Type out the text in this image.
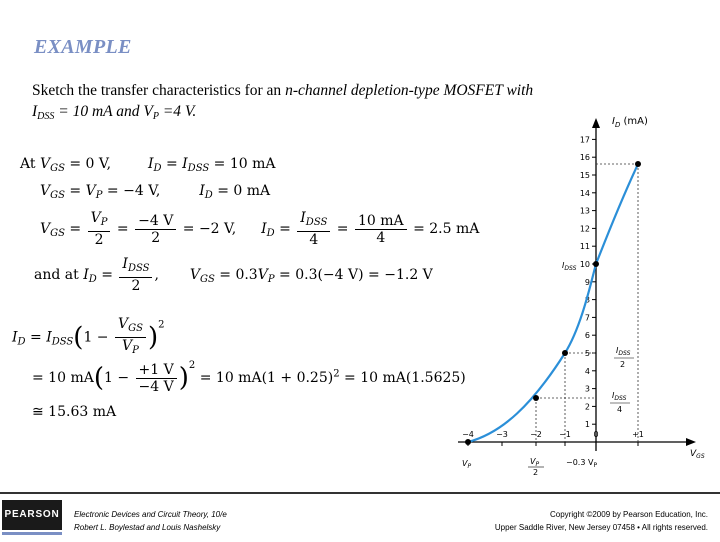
EXAMPLE
Sketch the transfer characteristics for an n-channel depletion-type MOSFET with
$I_{DSS} = 10$ mA and $V_P =4$ V.
At $V_{GS} = 0$ V,	$I_D = I_{DSS} = 10$ mA
$V_{GS} = V_P = -4$ V,	$I_D = 0$ mA
$V_{GS} = \frac{V_P}{2} = \frac{-4 V}{2} = -2$ V, $I_D = \frac{I_{DSS}}{4} = \frac{10 mA}{4} = 2.5$ mA
and at $I_D = \frac{I_{DSS}}{2}$ ,  $V_{GS} = 0.3V_P = 0.3(-4$ V) = −1.2 V
$I_D = I_{DSS}(1 - \frac{V_{GS}}{V_P} )^2$
= 10 $mA(1 - \frac{+1 V}{-4 V} )^2 = 10$ $mA(1 + 0.25)^2 = 10$ mA(1.5625)
≅ 15.63 mA
1
2
3
4
5
6
7
8
9
10
11
12
13
14
15
16
17
−4	−3	−2 −1	0	+1
$I_D$ (mA)
$V_{GS}$
$I_{DSS}$
$I_{DSS}$
2
$I_{DSS}$
4
$V_P$
$V_P$
2
−0.3 $V_P$
PEARSON	Electronic Devices and Circuit Theory, 10/e
Robert L. Boylestad and Louis Nashelsky
Copyright ©2009 by Pearson Education, Inc.
Upper Saddle River, New Jersey 07458 • All rights reserved.
